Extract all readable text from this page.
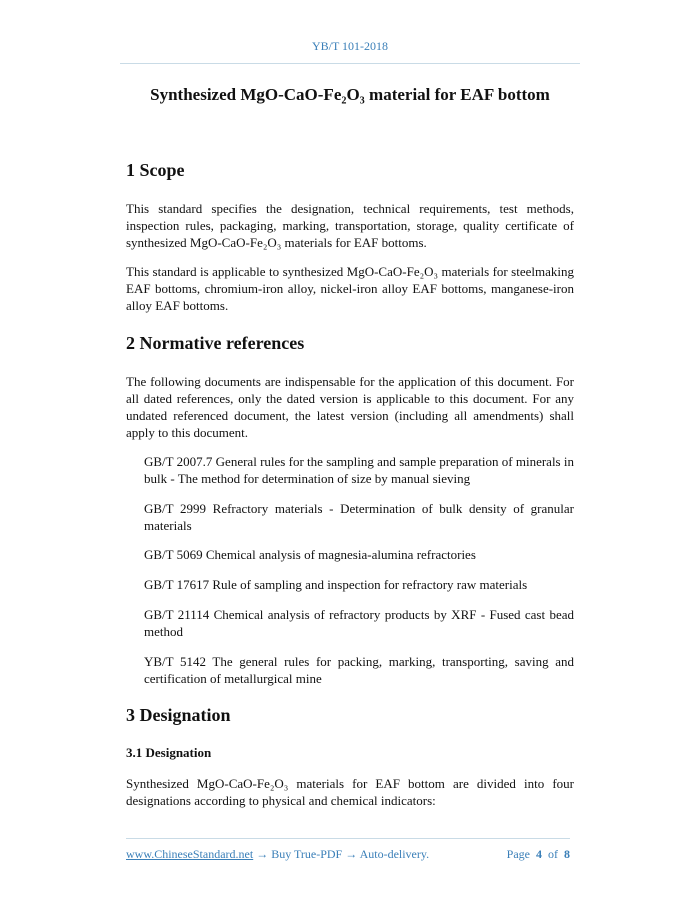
YB/T 101-2018
Synthesized MgO-CaO-Fe₂O₃ material for EAF bottom
1 Scope
This standard specifies the designation, technical requirements, test methods, inspection rules, packaging, marking, transportation, storage, quality certificate of synthesized MgO-CaO-Fe₂O₃ materials for EAF bottoms.
This standard is applicable to synthesized MgO-CaO-Fe₂O₃ materials for steelmaking EAF bottoms, chromium-iron alloy, nickel-iron alloy EAF bottoms, manganese-iron alloy EAF bottoms.
2 Normative references
The following documents are indispensable for the application of this document. For all dated references, only the dated version is applicable to this document. For any undated referenced document, the latest version (including all amendments) shall apply to this document.
GB/T 2007.7 General rules for the sampling and sample preparation of minerals in bulk - The method for determination of size by manual sieving
GB/T 2999 Refractory materials - Determination of bulk density of granular materials
GB/T 5069 Chemical analysis of magnesia-alumina refractories
GB/T 17617 Rule of sampling and inspection for refractory raw materials
GB/T 21114 Chemical analysis of refractory products by XRF - Fused cast bead method
YB/T 5142 The general rules for packing, marking, transporting, saving and certification of metallurgical mine
3 Designation
3.1 Designation
Synthesized MgO-CaO-Fe₂O₃ materials for EAF bottom are divided into four designations according to physical and chemical indicators:
www.ChineseStandard.net → Buy True-PDF → Auto-delivery.	Page 4 of 8
